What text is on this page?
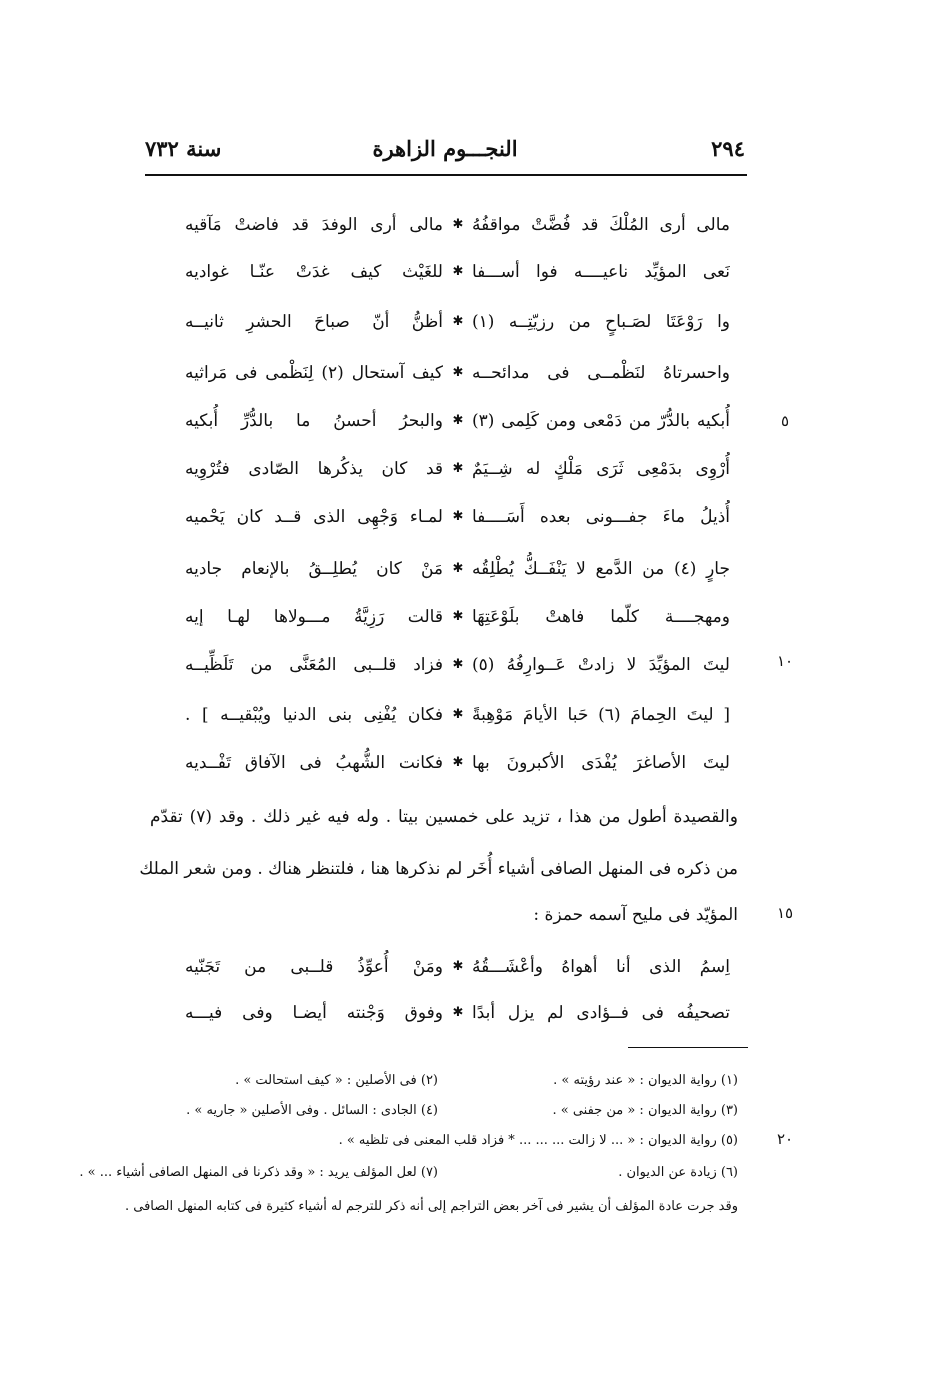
٢٩٤
النجـــوم الزاهرة
سنة ٧٣٢
مالى أرى المُلْكَ قد فُضَّتْ مواقفُهُ
✱
مالى أرى الوفدَ قد فاضتْ مَآقيه
نَعى المؤيِّد ناعيــــه فوا أســـفا
✱
للغَيْث كيف غدَتْ عنّـا غواديه
وا رَوْعَتَا لصَـباحٍ من رزيّتِــه (١)
✱
أظنُّ أنّ صباحَ الحشرِ ثانيــه
واحسرتاهُ لنَظْمــى فى مدائحــه
✱
كيف آستحال (٢) لِنَظْمى فى مَراثيه
أُبكيه بالدُّرّ من دَمْعى ومن كَلِمى (٣)
✱
والبحرُ أحسنُ ما بالدُّرِّ أُبكيه	٥
أُرْوِى بدَمْعِى ثَرَى مَلْكٍ له شِــيَمٌ
✱
قد كان يذكُرها الصّادى فتُرْوِيه
أُذيلُ ماءَ جفـــونى بعده أَسَــــفا
✱
لمـاء وَجْهِى الذى قــد كان يَحْميه
جارٍ (٤) من الدَّمع لا يَنْفَــكُّ يُطْلِقُه
✱
مَنْ كان يُطلِــقُ بالإنعام جاديه
ومهجــــة كلّما فاهتْ بلَوْعَتِهَا
✱
قالت رَزِيَّةُ مـــولاها لهـا إيه
ليتَ المؤيِّدَ لا زادتْ عَــوارِفُهُ (٥)
✱
فزاد قلــبى المُعَنَّى من تَلَظِّيــه	١٠
[ ليتَ الحِمامَ (٦) حَبا الأيامَ مَوْهِبةً
✱
فكان يُفْنِى بنى الدنيا ويُبْقيــه ] .
ليتَ الأصاغرَ يُفْدَى الأكبرونَ بها
✱
فكانت الشُّهبُ فى الآفاق تَفْــديه
والقصيدة أطول من هذا ، تزيد على خمسين بيتا . وله فيه غير ذلك . وقد (٧) تقدّم
من ذكره فى المنهل الصافى أشياء أُخَر لم نذكرها هنا ، فلتنظر هناك . ومن شعر الملك
المؤيّد فى مليح آسمه حمزة :	١٥
اِسمُ الذى أنا أهواهُ وأعْشَـــقُهُ
✱
ومَنْ أُعوِّذُ قلــبى من تَجَنّيه
تصحيفُه فى فــؤادى لم يزل أبدًا
✱
وفوق وَجْنته أيضـا وفى فيـــه
(١) رواية الديوان : « عند رؤيته » .
(٢) فى الأصلين : « كيف استحالت » .
(٣) رواية الديوان : « من جفنى » .
(٤) الجادى : السائل . وفى الأصلين « جاريه » .
(٥) رواية الديوان : « ... لا زالت ... ... ... * فزاد قلب المعنى فى تلظيه » .	٢٠
(٦) زيادة عن الديوان .
(٧) لعل المؤلف يريد : « وقد ذكرنا فى المنهل الصافى أشياء ... » .
وقد جرت عادة المؤلف أن يشير فى آخر بعض التراجم إلى أنه ذكر للترجم له أشياء كثيرة فى كتابه المنهل الصافى .
